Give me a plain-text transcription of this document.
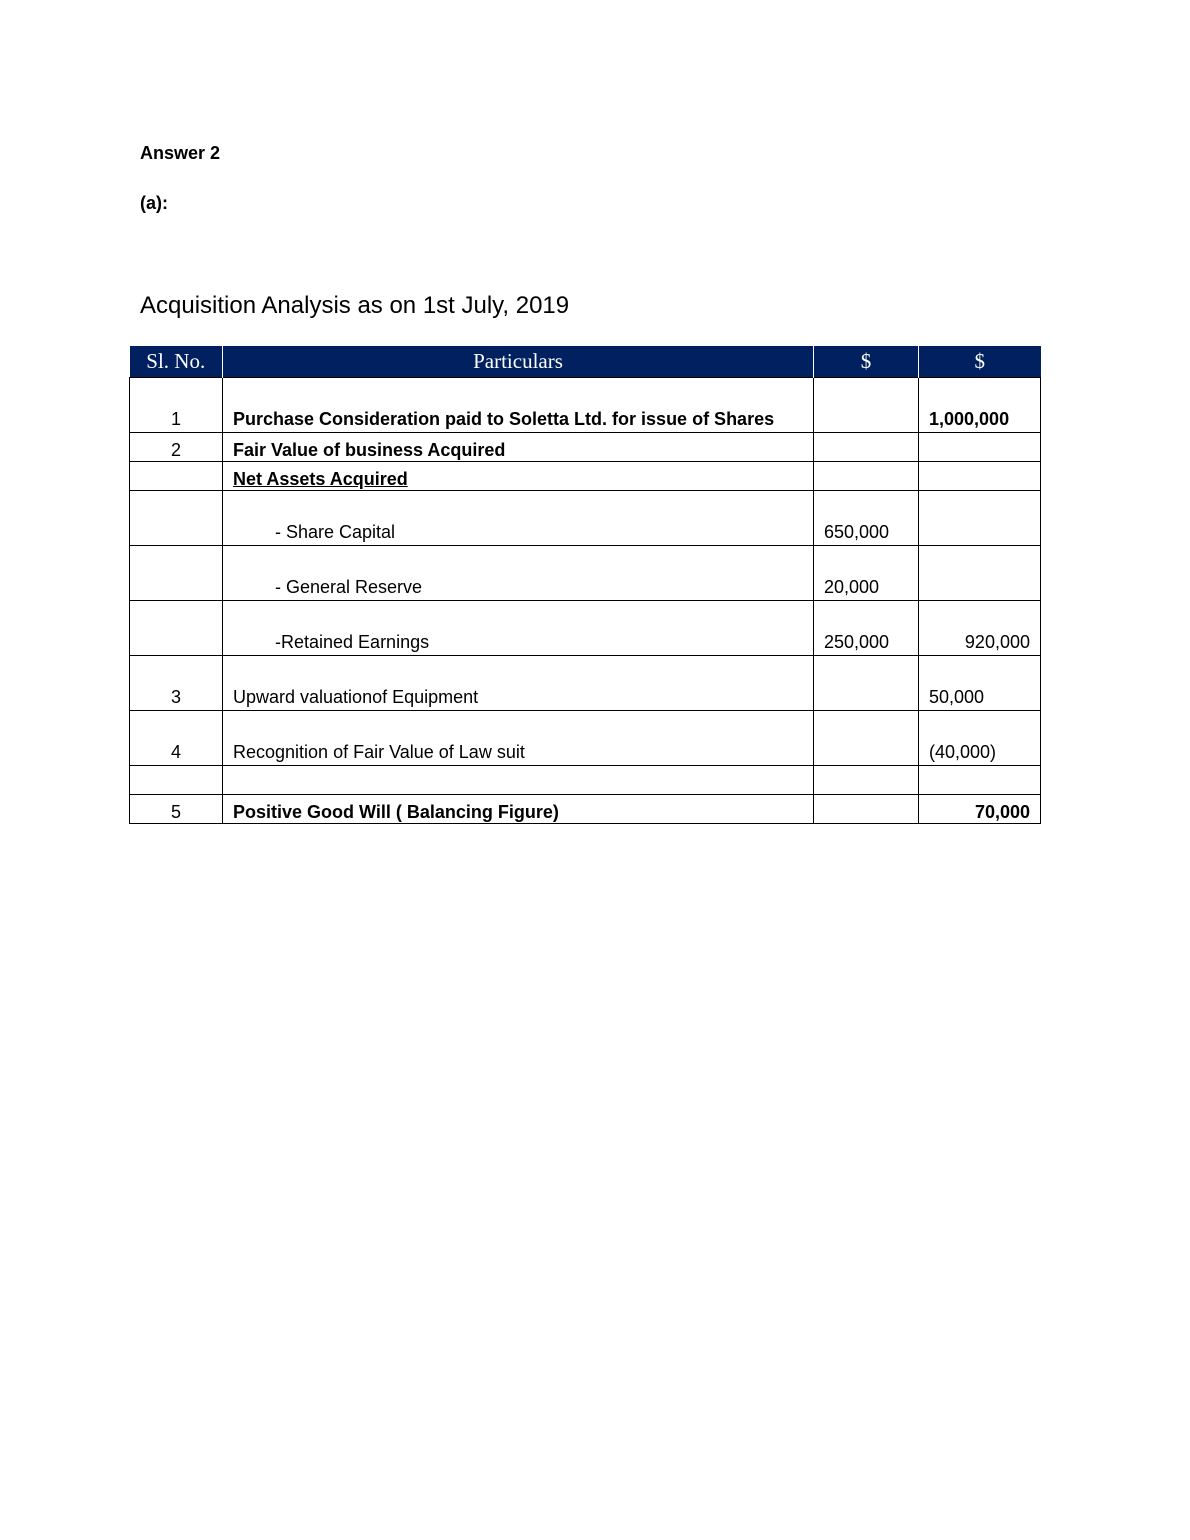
Answer 2
(a):
Acquisition Analysis as on 1st July, 2019
Sl. No.	Particulars	$	$
1	Purchase Consideration paid to Soletta Ltd. for issue of Shares		1,000,000
2	Fair Value of business Acquired		
	Net Assets Acquired		
	- Share Capital	650,000	
	- General Reserve	20,000	
	-Retained Earnings	250,000	920,000
3	Upward valuationof Equipment		50,000
4	Recognition of Fair Value of Law suit		(40,000)

5	Positive Good Will ( Balancing Figure)		70,000
